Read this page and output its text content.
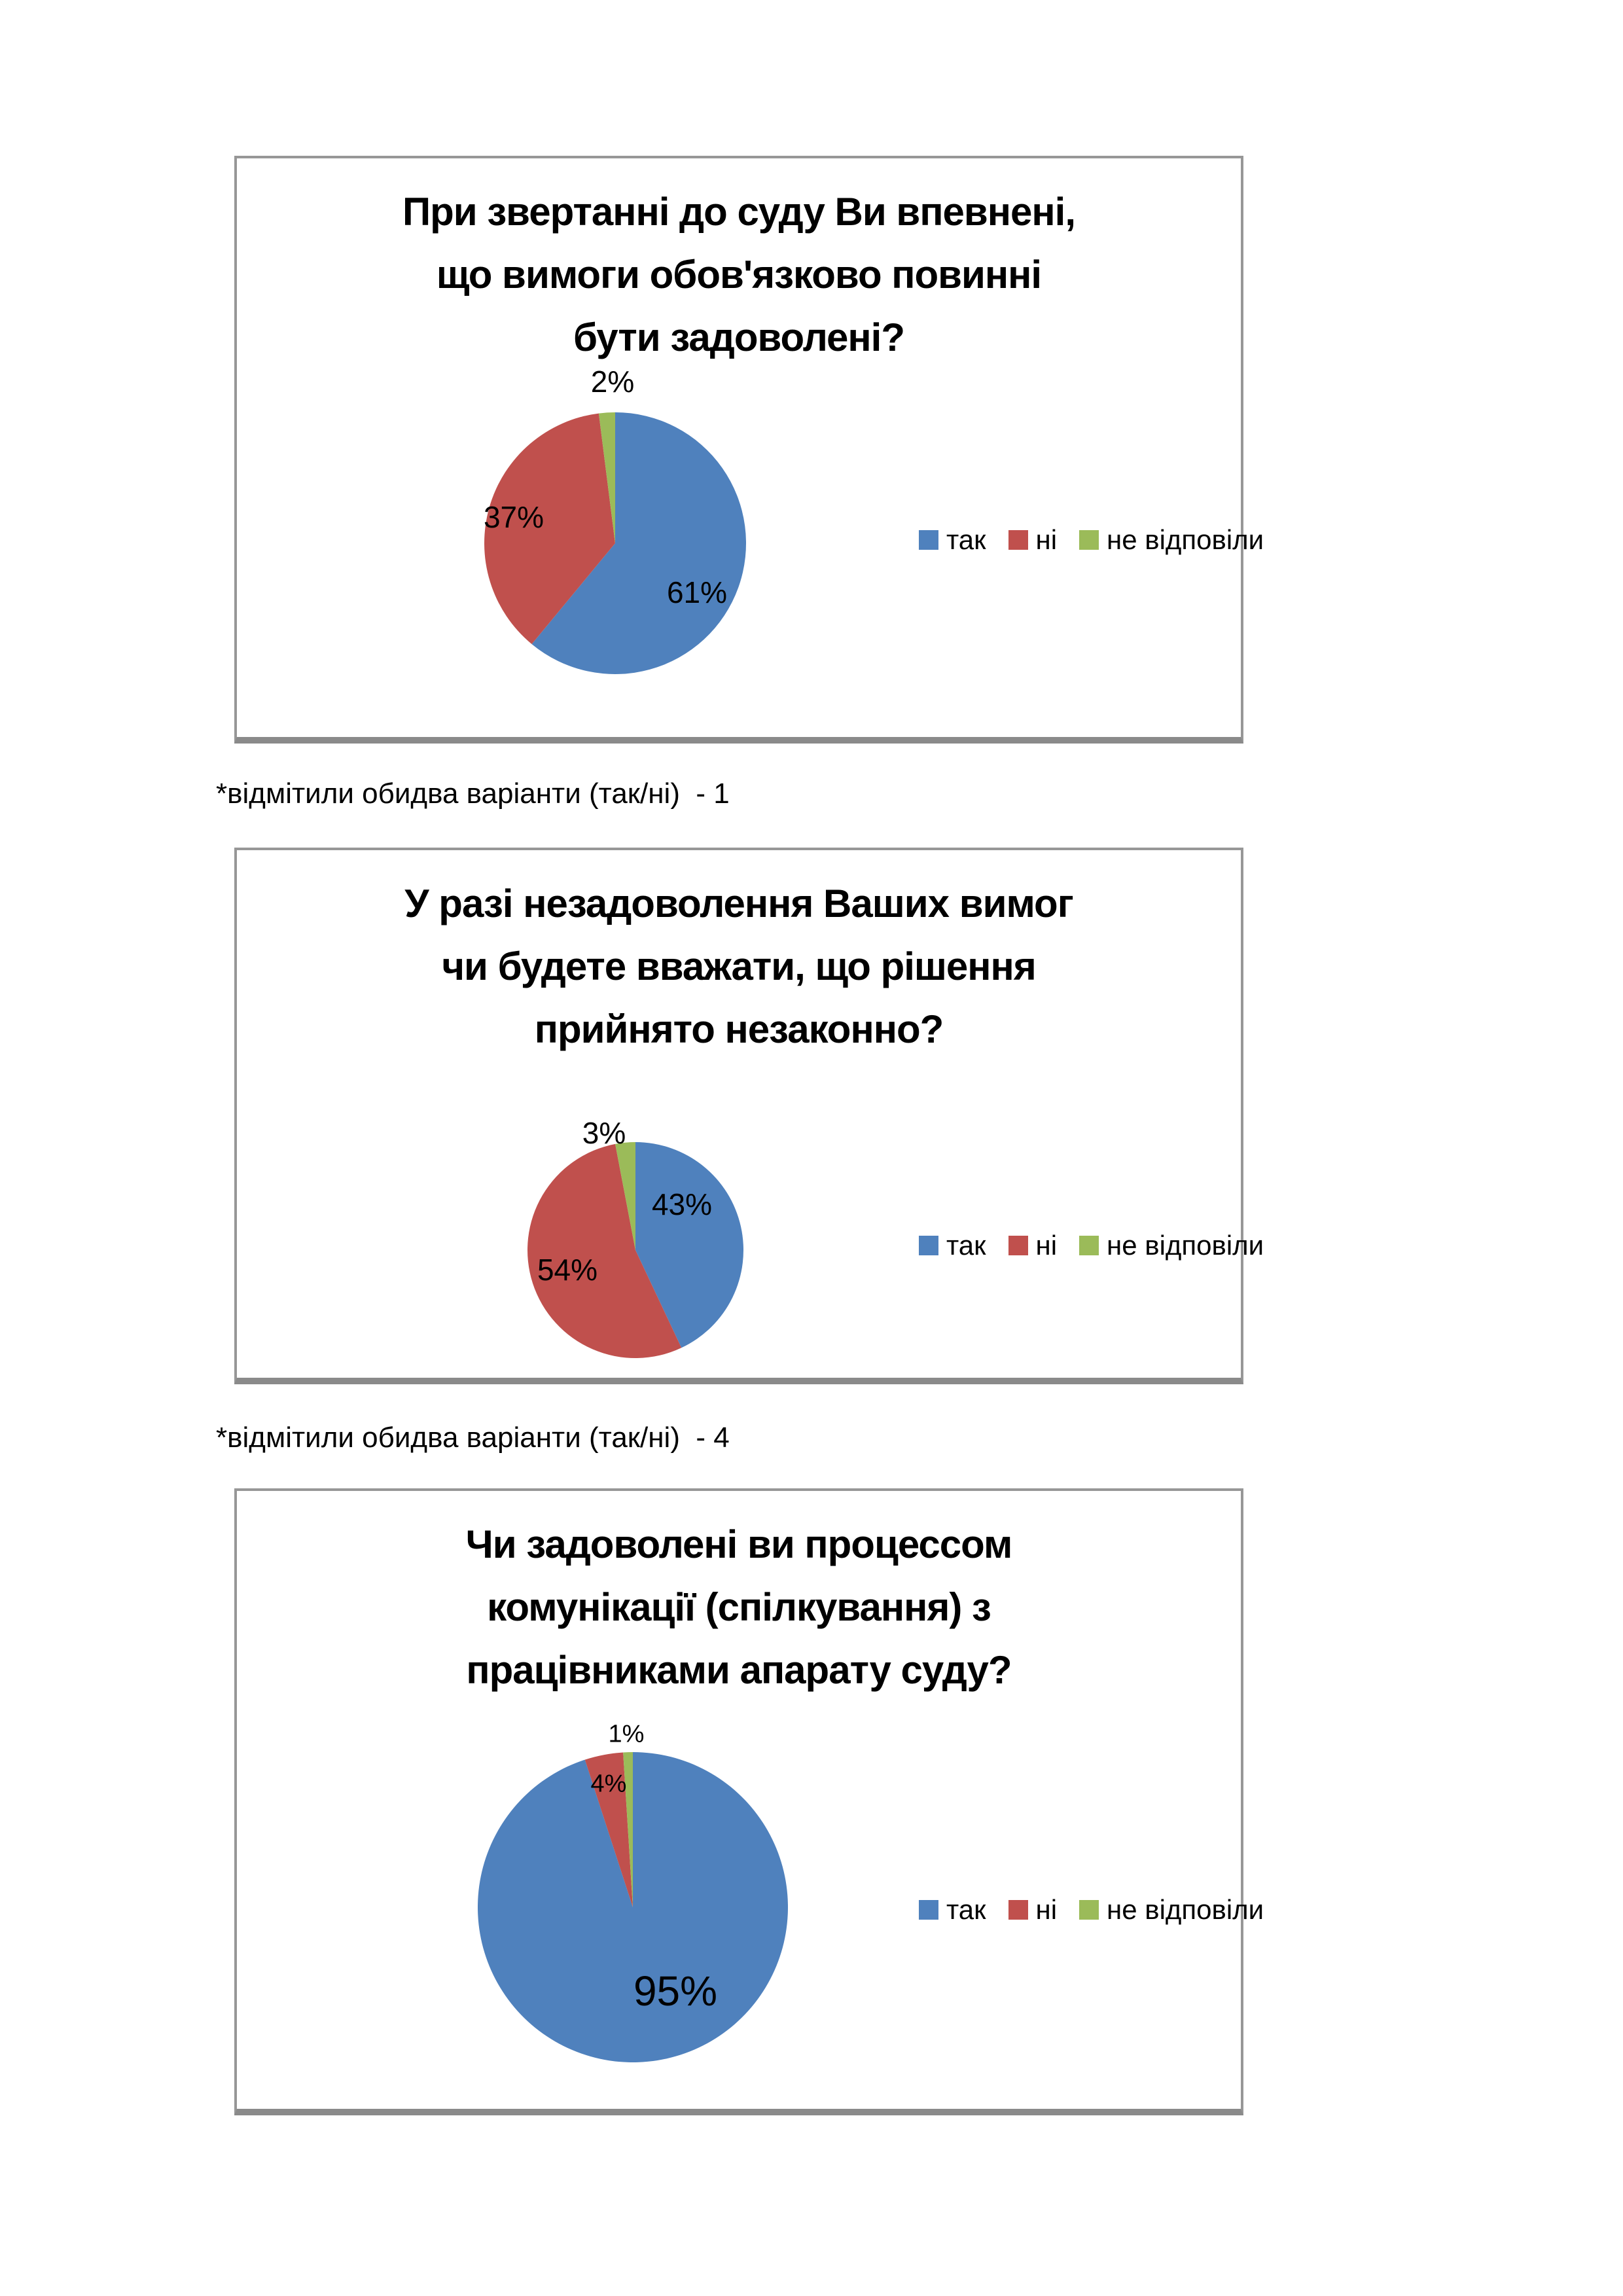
При звертанні до суду Ви впевнені,
що вимоги обов'язково повинні
бути задоволені?
61%
37%
2%
так ні не відповіли
*відмітили обидва варіанти (так/ні)  - 1
У разі незадоволення Ваших вимог
чи будете вважати, що рішення
прийнято незаконно?
43%
54%
3%
так ні не відповіли
*відмітили обидва варіанти (так/ні)  - 4
Чи задоволені ви процессом
комунікації (спілкування) з
працівниками апарату суду?
95%
4%
1%
так ні не відповіли
